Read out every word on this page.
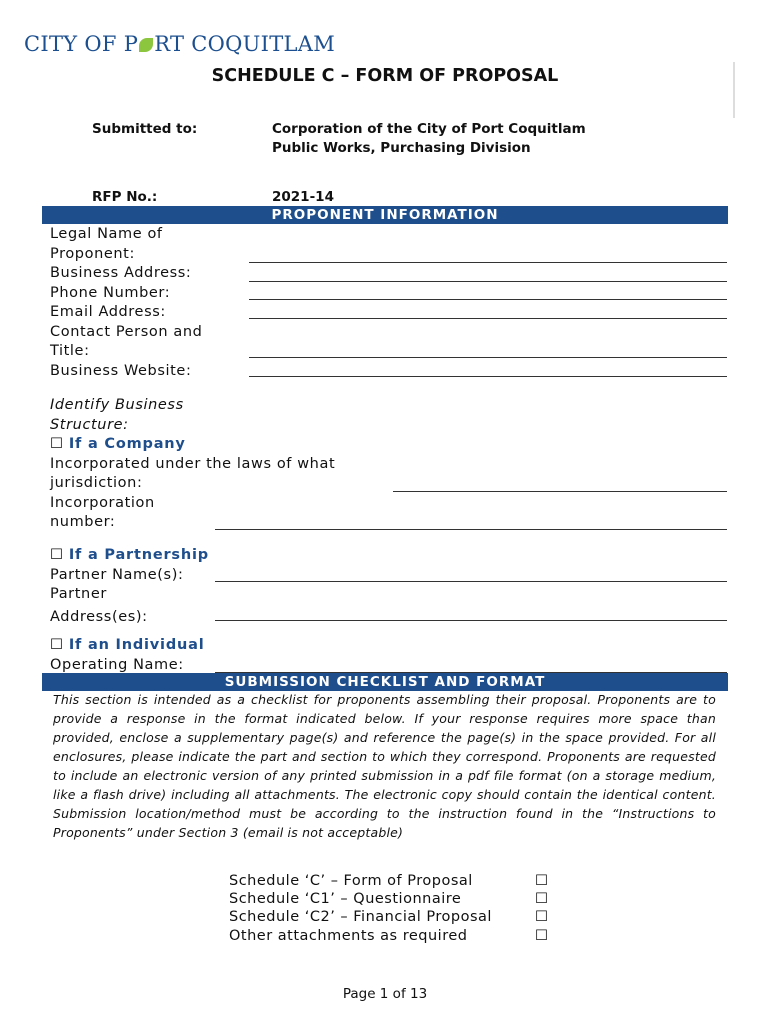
CITY OF P RT COQUITLAM
SCHEDULE C – FORM OF PROPOSAL
Submitted to:	Corporation of the City of Port Coquitlam
Public Works, Purchasing Division
RFP No.:	2021-14
PROPONENT INFORMATION
Legal Name of
Proponent:
Business Address:
Phone Number:
Email Address:
Contact Person and
Title:
Business Website:
Identify Business
Structure:
☐ If a Company
Incorporated under the laws of what
jurisdiction:
Incorporation
number:
☐ If a Partnership
Partner Name(s):
Partner
Address(es):
☐ If an Individual
Operating Name:
SUBMISSION CHECKLIST AND FORMAT
This section is intended as a checklist for proponents assembling their proposal. Proponents are to provide a response in the format indicated below. If your response requires more space than provided, enclose a supplementary page(s) and reference the page(s) in the space provided. For all enclosures, please indicate the part and section to which they correspond. Proponents are requested to include an electronic version of any printed submission in a pdf file format (on a storage medium, like a flash drive) including all attachments. The electronic copy should contain the identical content. Submission location/method must be according to the instruction found in the “Instructions to Proponents” under Section 3 (email is not acceptable)
Schedule ‘C’ – Form of Proposal	☐
Schedule ‘C1’ – Questionnaire	☐
Schedule ‘C2’ – Financial Proposal	☐
Other attachments as required	☐
Page 1 of 13
